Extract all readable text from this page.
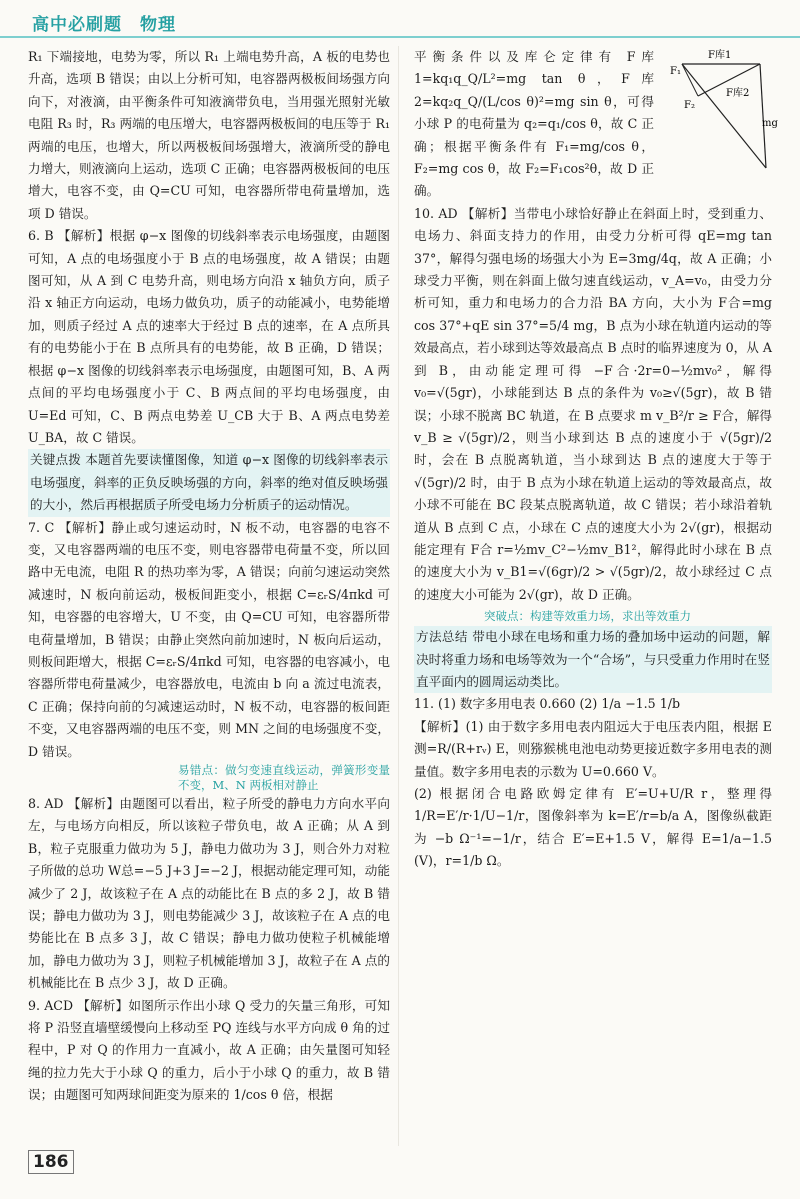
高中必刷题 物理

R₁ 下端接地，电势为零，所以 R₁ 上端电势升高，A 板的电势也升高，选项 B 错误；由以上分析可知，电容器两极板间场强方向向下，对液滴，由平衡条件可知液滴带负电，当用强光照射光敏电阻 R₃ 时，R₃ 两端的电压增大，电容器两极板间的电压等于 R₁ 两端的电压，也增大，所以两极板间场强增大，液滴所受的静电力增大，则液滴向上运动，选项 C 正确；电容器两极板间的电压增大，电容不变，由 Q=CU 可知，电容器所带电荷量增加，选项 D 错误。

6. B 【解析】根据 φ−x 图像的切线斜率表示电场强度，由题图可知，A 点的电场强度小于 B 点的电场强度，故 A 错误；由题图可知，从 A 到 C 电势升高，则电场方向沿 x 轴负方向，质子沿 x 轴正方向运动，电场力做负功，质子的动能减小，电势能增加，则质子经过 A 点的速率大于经过 B 点的速率，在 A 点所具有的电势能小于在 B 点所具有的电势能，故 B 正确，D 错误；根据 φ−x 图像的切线斜率表示电场强度，由题图可知，B、A 两点间的平均电场强度小于 C、B 两点间的平均电场强度，由 U=Ed 可知，C、B 两点电势差 U_CB 大于 B、A 两点电势差 U_BA，故 C 错误。

关键点拨 本题首先要读懂图像，知道 φ−x 图像的切线斜率表示电场强度，斜率的正负反映场强的方向，斜率的绝对值反映场强的大小，然后再根据质子所受电场力分析质子的运动情况。

7. C 【解析】静止或匀速运动时，N 板不动，电容器的电容不变，又电容器两端的电压不变，则电容器带电荷量不变，所以回路中无电流，电阻 R 的热功率为零，A 错误；向前匀速运动突然减速时，N 板向前运动，极板间距变小，根据 C=εᵣS/4πkd 可知，电容器的电容增大，U 不变，由 Q=CU 可知，电容器所带电荷量增加，B 错误；由静止突然向前加速时，N 板向后运动，则板间距增大，根据 C=εᵣS/4πkd 可知，电容器的电容减小，电容器所带电荷量减少，电容器放电，电流由 b 向 a 流过电流表，C 正确；保持向前的匀减速运动时，N 板不动，电容器的板间距不变，又电容器两端的电压不变，则 MN 之间的电场强度不变，D 错误。

易错点：做匀变速直线运动，弹簧形变量不变，M、N 两板相对静止

8. AD 【解析】由题图可以看出，粒子所受的静电力方向水平向左，与电场方向相反，所以该粒子带负电，故 A 正确；从 A 到 B，粒子克服重力做功为 5 J，静电力做功为 3 J，则合外力对粒子所做的总功 W总=−5 J+3 J=−2 J，根据动能定理可知，动能减少了 2 J，故该粒子在 A 点的动能比在 B 点的多 2 J，故 B 错误；静电力做功为 3 J，则电势能减少 3 J，故该粒子在 A 点的电势能比在 B 点多 3 J，故 C 错误；静电力做功使粒子机械能增加，静电力做功为 3 J，则粒子机械能增加 3 J，故粒子在 A 点的机械能比在 B 点少 3 J，故 D 正确。

9. ACD 【解析】如图所示作出小球 Q 受力的矢量三角形，可知将 P 沿竖直墙壁缓慢向上移动至 PQ 连线与水平方向成 θ 角的过程中，P 对 Q 的作用力一直减小，故 A 正确；由矢量图可知轻绳的拉力先大于小球 Q 的重力，后小于小球 Q 的重力，故 B 错误；由题图可知两球间距变为原来的 1/cos θ 倍，根据

F库1
F₁
F₂
F库2
mg

平衡条件以及库仑定律有 F库1=kq₁q_Q/L²=mg tan θ，F库2=kq₂q_Q/(L/cos θ)²=mg sin θ，可得小球 P 的电荷量为 q₂=q₁/cos θ，故 C 正确；根据平衡条件有 F₁=mg/cos θ，F₂=mg cos θ，故 F₂=F₁cos²θ，故 D 正确。

10. AD 【解析】当带电小球恰好静止在斜面上时，受到重力、电场力、斜面支持力的作用，由受力分析可得 qE=mg tan 37°，解得匀强电场的场强大小为 E=3mg/4q，故 A 正确；小球受力平衡，则在斜面上做匀速直线运动，v_A=v₀，由受力分析可知，重力和电场力的合力沿 BA 方向，大小为 F合=mg cos 37°+qE sin 37°=5/4 mg，B 点为小球在轨道内运动的等效最高点，若小球到达等效最高点 B 点时的临界速度为 0，从 A 到 B，由动能定理可得 −F合·2r=0−½mv₀²，解得 v₀=√(5gr)，小球能到达 B 点的条件为 v₀≥√(5gr)，故 B 错误；小球不脱离 BC 轨道，在 B 点要求 m v_B²/r ≥ F合，解得 v_B ≥ √(5gr)/2，则当小球到达 B 点的速度小于 √(5gr)/2 时，会在 B 点脱离轨道，当小球到达 B 点的速度大于等于 √(5gr)/2 时，由于 B 点为小球在轨道上运动的等效最高点，故小球不可能在 BC 段某点脱离轨道，故 C 错误；若小球沿着轨道从 B 点到 C 点，小球在 C 点的速度大小为 2√(gr)，根据动能定理有 F合 r=½mv_C²−½mv_B1²，解得此时小球在 B 点的速度大小为 v_B1=√(6gr)/2 > √(5gr)/2，故小球经过 C 点的速度大小可能为 2√(gr)，故 D 正确。

突破点：构建等效重力场，求出等效重力

方法总结 带电小球在电场和重力场的叠加场中运动的问题，解决时将重力场和电场等效为一个“合场”，与只受重力作用时在竖直平面内的圆周运动类比。

11. (1) 数字多用电表 0.660 (2) 1/a −1.5 1/b

【解析】(1) 由于数字多用电表内阻远大于电压表内阻，根据 E测=R/(R+rᵥ) E，则猕猴桃电池电动势更接近数字多用电表的测量值。数字多用电表的示数为 U=0.660 V。

(2) 根据闭合电路欧姆定律有 E′=U+U/R r，整理得 1/R=E′/r·1/U−1/r，图像斜率为 k=E′/r=b/a A，图像纵截距为 −b Ω⁻¹=−1/r，结合 E′=E+1.5 V，解得 E=1/a−1.5 (V)，r=1/b Ω。

186
